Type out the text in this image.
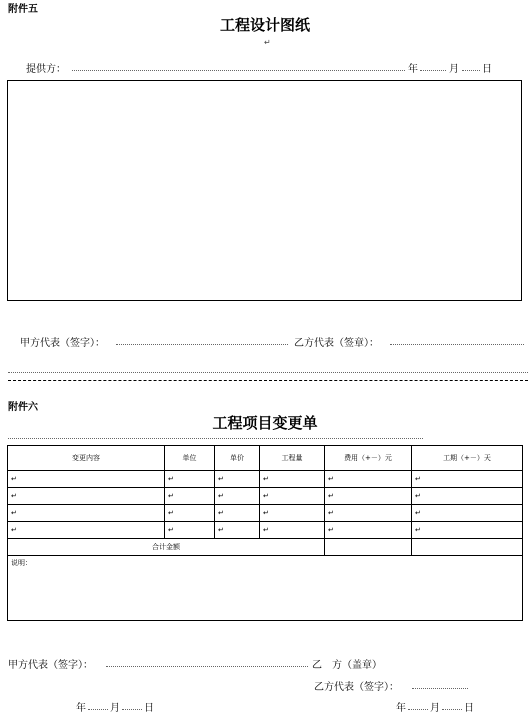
附件五
工程设计图纸
↵
提供方：	年	月 日
甲方代表（签字）：	乙方代表（签章）：
附件六
工程项目变更单
变更内容	单位	单价	工程量	费用（+－）元	工期（+－）天
↵	↵	↵	↵	↵	↵
↵	↵	↵	↵	↵	↵
↵	↵	↵	↵	↵	↵
↵	↵	↵	↵	↵	↵
合计金额					
说明：					
甲方代表（签字）：	乙　方（盖章）
乙方代表（签字）：
年 月 日	年 月 日
